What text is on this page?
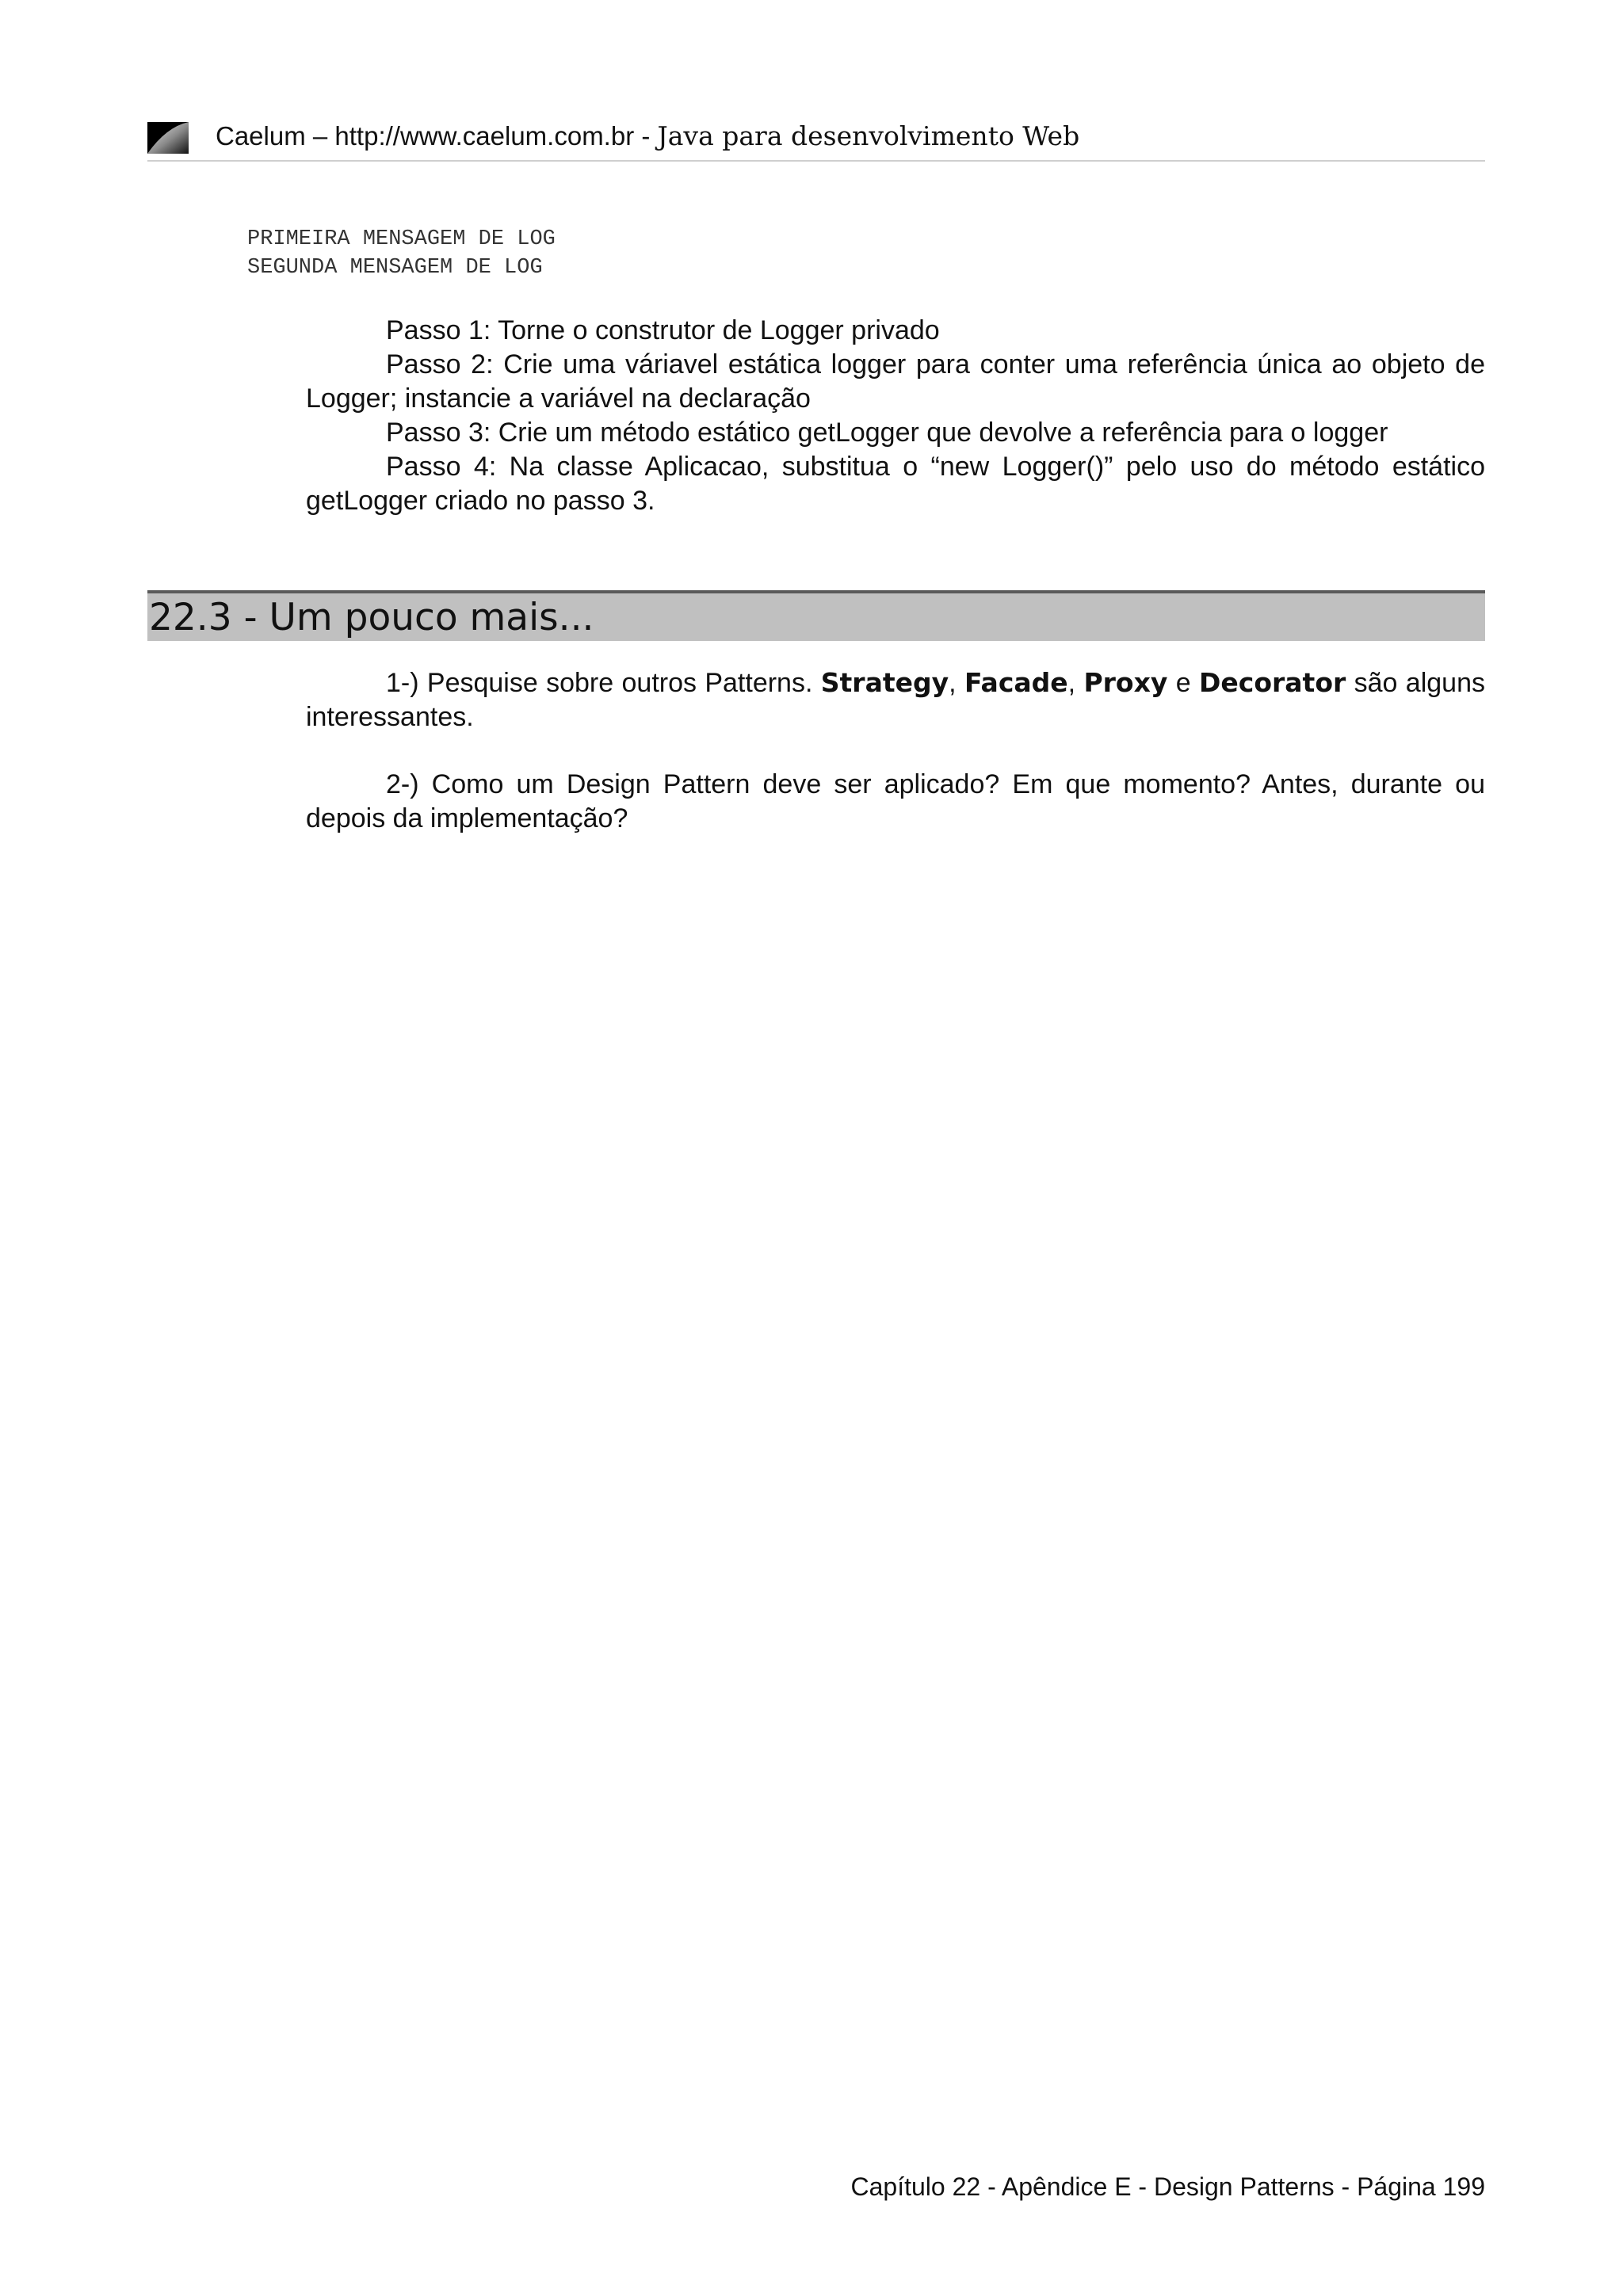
Caelum – http://www.caelum.com.br - Java para desenvolvimento Web
PRIMEIRA MENSAGEM DE LOG
SEGUNDA MENSAGEM DE LOG

Passo 1: Torne o construtor de Logger privado

Passo 2: Crie uma váriavel estática logger para conter uma referência única ao objeto de Logger; instancie a variável na declaração

Passo 3: Crie um método estático getLogger que devolve a referência para o logger

Passo 4: Na classe Aplicacao, substitua o “new Logger()” pelo uso do método estático getLogger criado no passo 3.

22.3 - Um pouco mais...

1-) Pesquise sobre outros Patterns. Strategy, Facade, Proxy e Decorator são alguns interessantes.

2-) Como um Design Pattern deve ser aplicado? Em que momento? Antes, durante ou depois da implementação?

Capítulo 22 - Apêndice E - Design Patterns - Página 199
